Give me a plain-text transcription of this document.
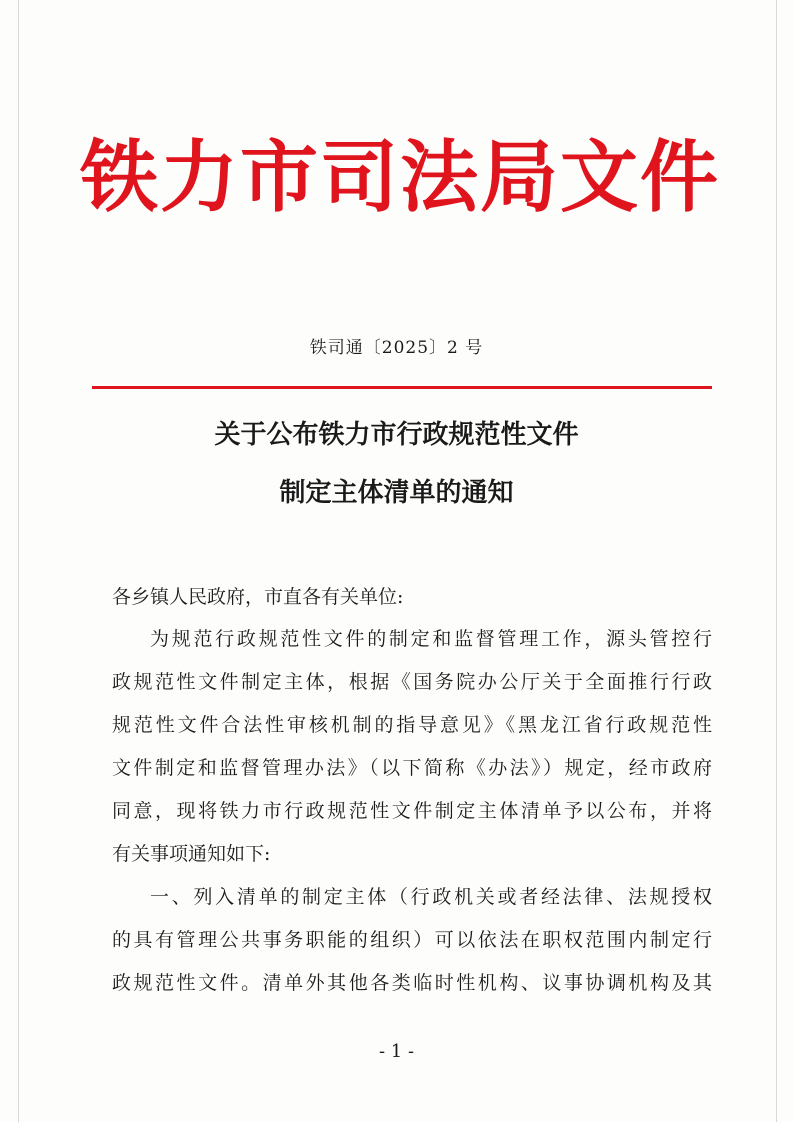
铁力市司法局文件
铁司通〔2025〕2 号
关于公布铁力市行政规范性文件
制定主体清单的通知
各乡镇人民政府，市直各有关单位:
为规范行政规范性文件的制定和监督管理工作，源头管控行
政规范性文件制定主体，根据《国务院办公厅关于全面推行行政
规范性文件合法性审核机制的指导意见》《黑龙江省行政规范性
文件制定和监督管理办法》（以下简称《办法》）规定，经市政府
同意，现将铁力市行政规范性文件制定主体清单予以公布，并将
有关事项通知如下:
一、列入清单的制定主体（行政机关或者经法律、法规授权
的具有管理公共事务职能的组织）可以依法在职权范围内制定行
政规范性文件。清单外其他各类临时性机构、议事协调机构及其
- 1 -
